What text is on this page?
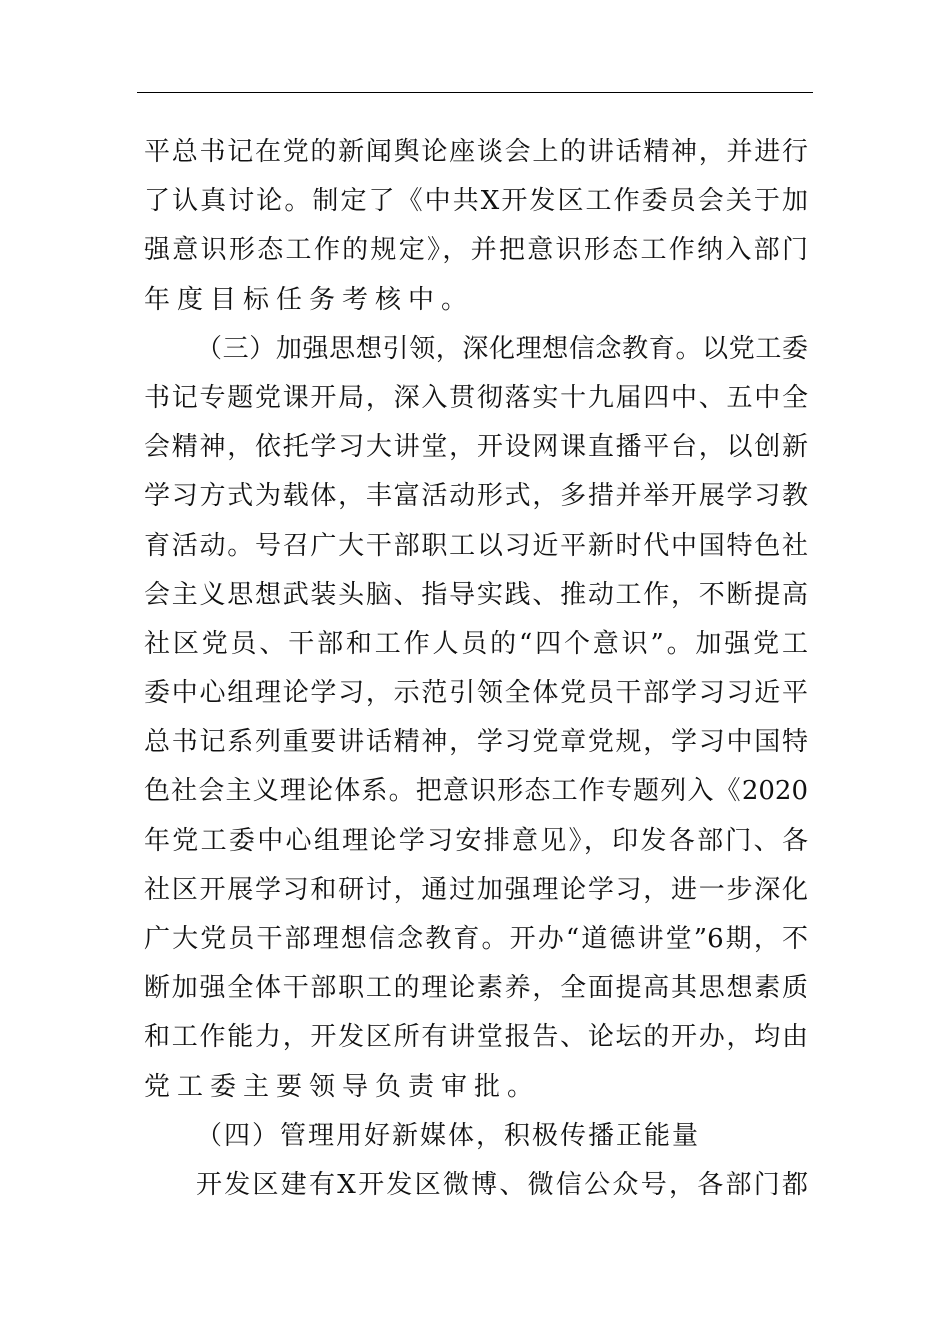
平总书记在党的新闻舆论座谈会上的讲话精神，并进行
了认真讨论。制定了《中共X开发区工作委员会关于加
强意识形态工作的规定》，并把意识形态工作纳入部门
年度目标任务考核中。
（三）加强思想引领，深化理想信念教育。以党工委
书记专题党课开局，深入贯彻落实十九届四中、五中全
会精神，依托学习大讲堂，开设网课直播平台，以创新
学习方式为载体，丰富活动形式，多措并举开展学习教
育活动。号召广大干部职工以习近平新时代中国特色社
会主义思想武装头脑、指导实践、推动工作，不断提高
社区党员、干部和工作人员的“四个意识”。加强党工
委中心组理论学习，示范引领全体党员干部学习习近平
总书记系列重要讲话精神，学习党章党规，学习中国特
色社会主义理论体系。把意识形态工作专题列入《2020
年党工委中心组理论学习安排意见》，印发各部门、各
社区开展学习和研讨，通过加强理论学习，进一步深化
广大党员干部理想信念教育。开办“道德讲堂”6期，不
断加强全体干部职工的理论素养，全面提高其思想素质
和工作能力，开发区所有讲堂报告、论坛的开办，均由
党工委主要领导负责审批。
（四）管理用好新媒体，积极传播正能量
开发区建有X开发区微博、微信公众号，各部门都
